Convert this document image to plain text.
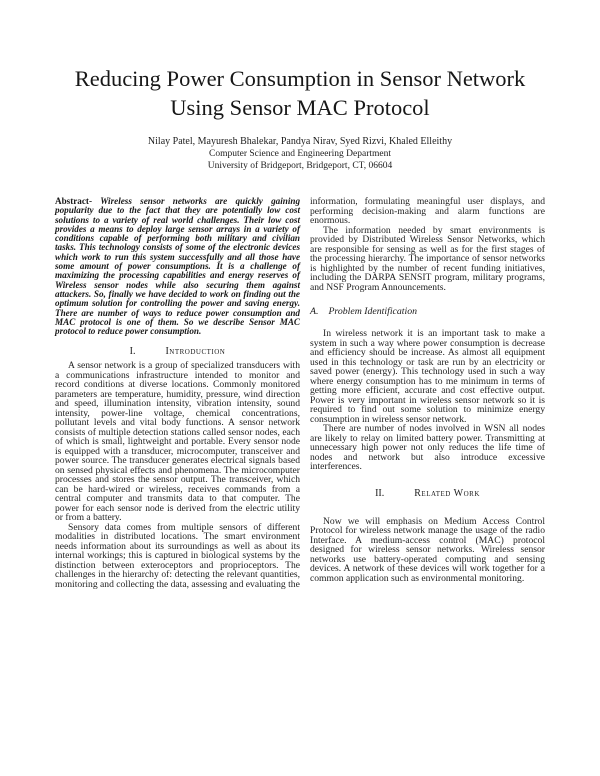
Reducing Power Consumption in Sensor Network
Using Sensor MAC Protocol
Nilay Patel, Mayuresh Bhalekar, Pandya Nirav, Syed Rizvi, Khaled Elleithy
Computer Science and Engineering Department
University of Bridgeport, Bridgeport, CT, 06604

Abstract- Wireless sensor networks are quickly gaining popularity due to the fact that they are potentially low cost solutions to a variety of real world challenges. Their low cost provides a means to deploy large sensor arrays in a variety of conditions capable of performing both military and civilian tasks. This technology consists of some of the electronic devices which work to run this system successfully and all those have some amount of power consumptions. It is a challenge of maximizing the processing capabilities and energy reserves of Wireless sensor nodes while also securing them against attackers. So, finally we have decided to work on finding out the optimum solution for controlling the power and saving energy. There are number of ways to reduce power consumption and MAC protocol is one of them. So we describe Sensor MAC protocol to reduce power consumption.

I.	Introduction

A sensor network is a group of specialized transducers with a communications infrastructure intended to monitor and record conditions at diverse locations. Commonly monitored parameters are temperature, humidity, pressure, wind direction and speed, illumination intensity, vibration intensity, sound intensity, power-line voltage, chemical concentrations, pollutant levels and vital body functions. A sensor network consists of multiple detection stations called sensor nodes, each of which is small, lightweight and portable. Every sensor node is equipped with a transducer, microcomputer, transceiver and power source. The transducer generates electrical signals based on sensed physical effects and phenomena. The microcomputer processes and stores the sensor output. The transceiver, which can be hard-wired or wireless, receives commands from a central computer and transmits data to that computer. The power for each sensor node is derived from the electric utility or from a battery.

Sensory data comes from multiple sensors of different modalities in distributed locations. The smart environment needs information about its surroundings as well as about its internal workings; this is captured in biological systems by the distinction between exteroceptors and proprioceptors. The challenges in the hierarchy of: detecting the relevant quantities, monitoring and collecting the data, assessing and evaluating the

information, formulating meaningful user displays, and performing decision-making and alarm functions are enormous.

The information needed by smart environments is provided by Distributed Wireless Sensor Networks, which are responsible for sensing as well as for the first stages of the processing hierarchy. The importance of sensor networks is highlighted by the number of recent funding initiatives, including the DARPA SENSIT program, military programs, and NSF Program Announcements.

A. Problem Identification

In wireless network it is an important task to make a system in such a way where power consumption is decrease and efficiency should be increase. As almost all equipment used in this technology or task are run by an electricity or saved power (energy). This technology used in such a way where energy consumption has to me minimum in terms of getting more efficient, accurate and cost effective output. Power is very important in wireless sensor network so it is required to find out some solution to minimize energy consumption in wireless sensor network.

There are number of nodes involved in WSN all nodes are likely to relay on limited battery power. Transmitting at unnecessary high power not only reduces the life time of nodes and network but also introduce excessive interferences.

II.	Related Work

Now we will emphasis on Medium Access Control Protocol for wireless network manage the usage of the radio Interface. A medium-access control (MAC) protocol designed for wireless sensor networks. Wireless sensor networks use battery-operated computing and sensing devices. A network of these devices will work together for a common application such as environmental monitoring.
